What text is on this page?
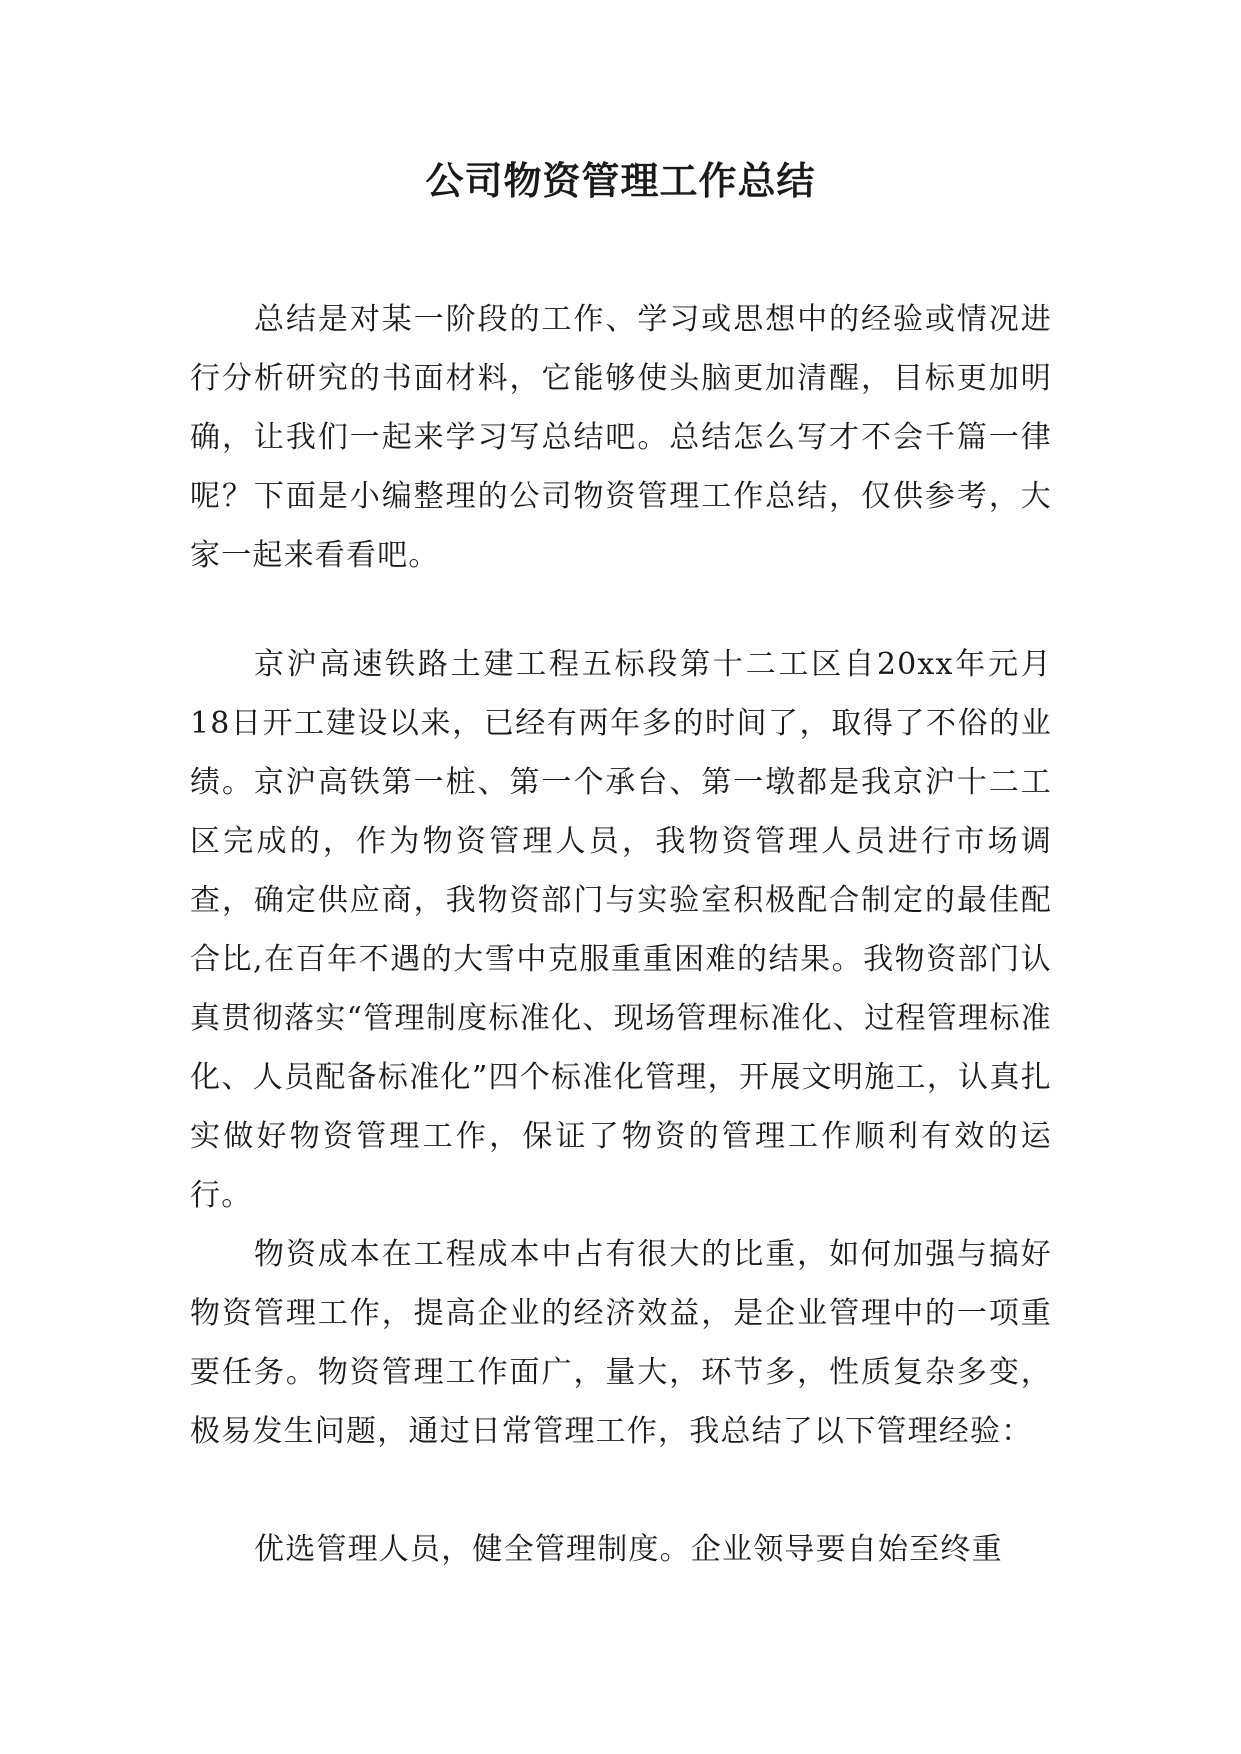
公司物资管理工作总结

总结是对某一阶段的工作、学习或思想中的经验或情况进行分析研究的书面材料，它能够使头脑更加清醒，目标更加明确，让我们一起来学习写总结吧。总结怎么写才不会千篇一律呢？下面是小编整理的公司物资管理工作总结，仅供参考，大家一起来看看吧。

京沪高速铁路土建工程五标段第十二工区自20xx年元月18日开工建设以来，已经有两年多的时间了，取得了不俗的业绩。京沪高铁第一桩、第一个承台、第一墩都是我京沪十二工区完成的，作为物资管理人员，我物资管理人员进行市场调查，确定供应商，我物资部门与实验室积极配合制定的最佳配合比,在百年不遇的大雪中克服重重困难的结果。我物资部门认真贯彻落实“管理制度标准化、现场管理标准化、过程管理标准化、人员配备标准化”四个标准化管理，开展文明施工，认真扎实做好物资管理工作，保证了物资的管理工作顺利有效的运行。

物资成本在工程成本中占有很大的比重，如何加强与搞好物资管理工作，提高企业的经济效益，是企业管理中的一项重要任务。物资管理工作面广，量大，环节多，性质复杂多变，极易发生问题，通过日常管理工作，我总结了以下管理经验：

优选管理人员，健全管理制度。企业领导要自始至终重
